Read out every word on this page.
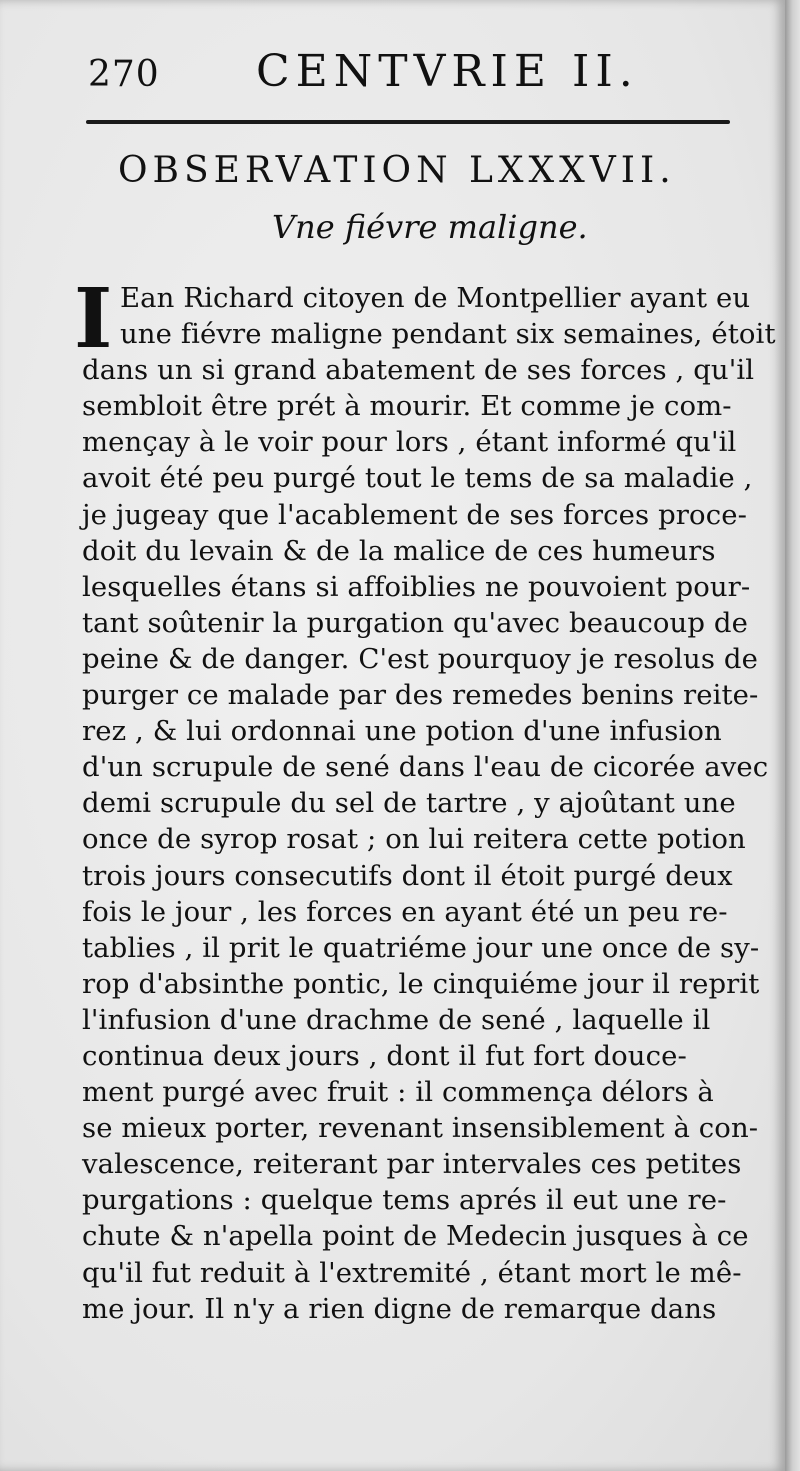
270 CENTVRIE II.
OBSERVATION LXXXVII.
Vne fiévre maligne.
I Ean Richard citoyen de Montpellier ayant eu
une fiévre maligne pendant six semaines, étoit
dans un si grand abatement de ses forces , qu'il
sembloit être prét à mourir. Et comme je com-
mençay à le voir pour lors , étant informé qu'il
avoit été peu purgé tout le tems de sa maladie ,
je jugeay que l'acablement de ses forces proce-
doit du levain & de la malice de ces humeurs
lesquelles étans si affoiblies ne pouvoient pour-
tant soûtenir la purgation qu'avec beaucoup de
peine & de danger. C'est pourquoy je resolus de
purger ce malade par des remedes benins reite-
rez , & lui ordonnai une potion d'une infusion
d'un scrupule de sené dans l'eau de cicorée avec
demi scrupule du sel de tartre , y ajoûtant une
once de syrop rosat ; on lui reitera cette potion
trois jours consecutifs dont il étoit purgé deux
fois le jour , les forces en ayant été un peu re-
tablies , il prit le quatriéme jour une once de sy-
rop d'absinthe pontic, le cinquiéme jour il reprit
l'infusion d'une drachme de sené , laquelle il
continua deux jours , dont il fut fort douce-
ment purgé avec fruit : il commença délors à
se mieux porter, revenant insensiblement à con-
valescence, reiterant par intervales ces petites
purgations : quelque tems aprés il eut une re-
chute & n'apella point de Medecin jusques à ce
qu'il fut reduit à l'extremité , étant mort le mê-
me jour. Il n'y a rien digne de remarque dans
